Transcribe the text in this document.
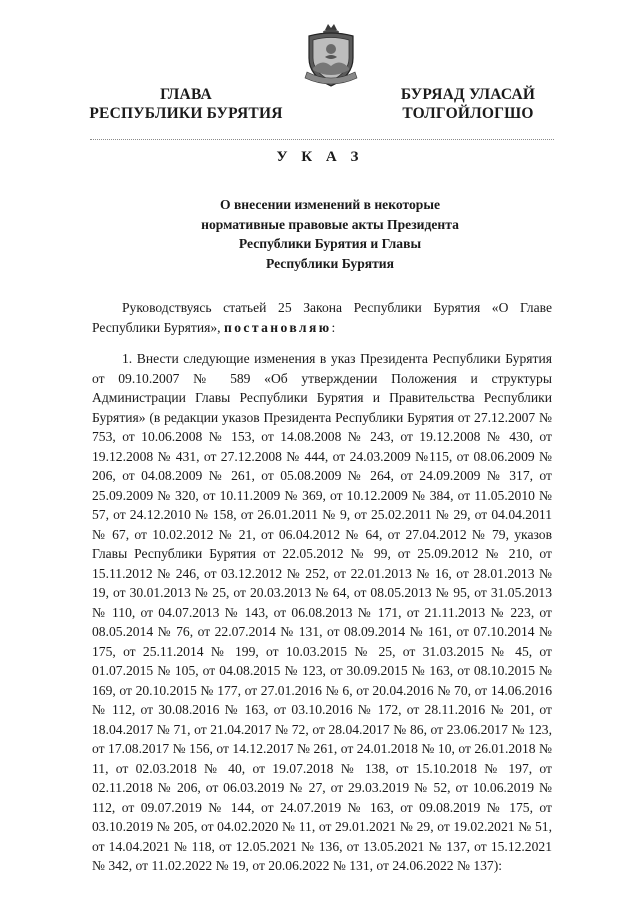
ГЛАВА
РЕСПУБЛИКИ БУРЯТИЯ
БУРЯАД УЛАСАЙ
ТОЛГОЙЛОГШО
У К А З
О внесении изменений в некоторые
нормативные правовые акты Президента
Республики Бурятия и Главы
Республики Бурятия

Руководствуясь статьей 25 Закона Республики Бурятия «О Главе Республики Бурятия», постановляю:

1. Внести следующие изменения в указ Президента Республики Бурятия от 09.10.2007 № 589 «Об утверждении Положения и структуры Администрации Главы Республики Бурятия и Правительства Республики Бурятия» (в редакции указов Президента Республики Бурятия от 27.12.2007 № 753, от 10.06.2008 № 153, от 14.08.2008 № 243, от 19.12.2008 № 430, от 19.12.2008 № 431, от 27.12.2008 № 444, от 24.03.2009 №115, от 08.06.2009 № 206, от 04.08.2009 № 261, от 05.08.2009 № 264, от 24.09.2009 № 317, от 25.09.2009 № 320, от 10.11.2009 № 369, от 10.12.2009 № 384, от 11.05.2010 № 57, от 24.12.2010 № 158, от 26.01.2011 № 9, от 25.02.2011 № 29, от 04.04.2011 № 67, от 10.02.2012 № 21, от 06.04.2012 № 64, от 27.04.2012 № 79, указов Главы Республики Бурятия от 22.05.2012 № 99, от 25.09.2012 № 210, от 15.11.2012 № 246, от 03.12.2012 № 252, от 22.01.2013 № 16, от 28.01.2013 № 19, от 30.01.2013 № 25, от 20.03.2013 № 64, от 08.05.2013 № 95, от 31.05.2013 № 110, от 04.07.2013 № 143, от 06.08.2013 № 171, от 21.11.2013 № 223, от 08.05.2014 № 76, от 22.07.2014 № 131, от 08.09.2014 № 161, от 07.10.2014 № 175, от 25.11.2014 № 199, от 10.03.2015 № 25, от 31.03.2015 № 45, от 01.07.2015 № 105, от 04.08.2015 № 123, от 30.09.2015 № 163, от 08.10.2015 № 169, от 20.10.2015 № 177, от 27.01.2016 № 6, от 20.04.2016 № 70, от 14.06.2016 № 112, от 30.08.2016 № 163, от 03.10.2016 № 172, от 28.11.2016 № 201, от 18.04.2017 № 71, от 21.04.2017 № 72, от 28.04.2017 № 86, от 23.06.2017 № 123, от 17.08.2017 № 156, от 14.12.2017 № 261, от 24.01.2018 № 10, от 26.01.2018 № 11, от 02.03.2018 № 40, от 19.07.2018 № 138, от 15.10.2018 № 197, от 02.11.2018 № 206, от 06.03.2019 № 27, от 29.03.2019 № 52, от 10.06.2019 № 112, от 09.07.2019 № 144, от 24.07.2019 № 163, от 09.08.2019 № 175, от 03.10.2019 № 205, от 04.02.2020 № 11, от 29.01.2021 № 29, от 19.02.2021 № 51, от 14.04.2021 № 118, от 12.05.2021 № 136, от 13.05.2021 № 137, от 15.12.2021 № 342, от 11.02.2022 № 19, от 20.06.2022 № 131, от 24.06.2022 № 137):
